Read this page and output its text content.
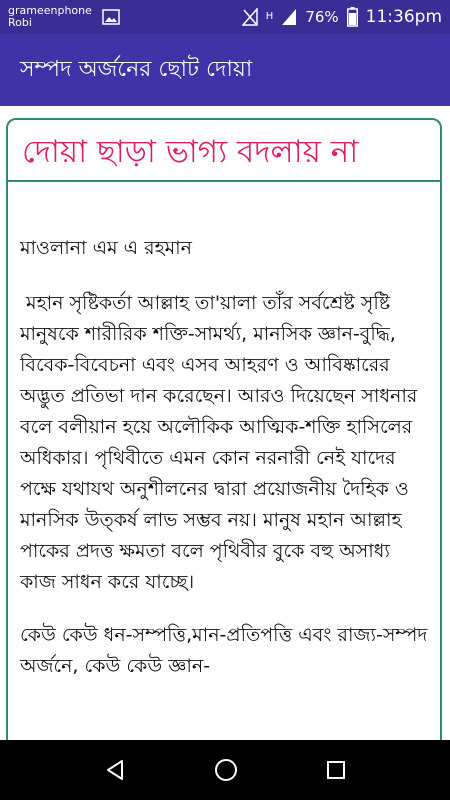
grameenphone
Robi	H 76% 11:36pm
সম্পদ অর্জনের ছোট দোয়া
দোয়া ছাড়া ভাগ্য বদলায় না
মাওলানা এম এ রহমান
মহান সৃষ্টিকর্তা আল্লাহ তা'য়ালা তাঁর সর্বশ্রেষ্ট সৃষ্টি মানুষকে শারীরিক শক্তি-সামর্থ্য, মানসিক জ্ঞান-বুদ্ধি, বিবেক-বিবেচনা এবং এসব আহরণ ও আবিষ্কারের অদ্ভুত প্রতিভা দান করেছেন। আরও দিয়েছেন সাধনার বলে বলীয়ান হয়ে অলৌকিক আত্মিক-শক্তি হাসিলের অধিকার। পৃথিবীতে এমন কোন নরনারী নেই যাদের পক্ষে যথাযথ অনুশীলনের দ্বারা প্রয়োজনীয় দৈহিক ও মানসিক উত্কর্ষ লাভ সম্ভব নয়। মানুষ মহান আল্লাহ পাকের প্রদত্ত ক্ষমতা বলে পৃথিবীর বুকে বহু অসাধ্য কাজ সাধন করে যাচ্ছে।
কেউ কেউ ধন-সম্পত্তি,মান-প্রতিপত্তি এবং রাজ্য-সম্পদ অর্জনে, কেউ কেউ জ্ঞান-
